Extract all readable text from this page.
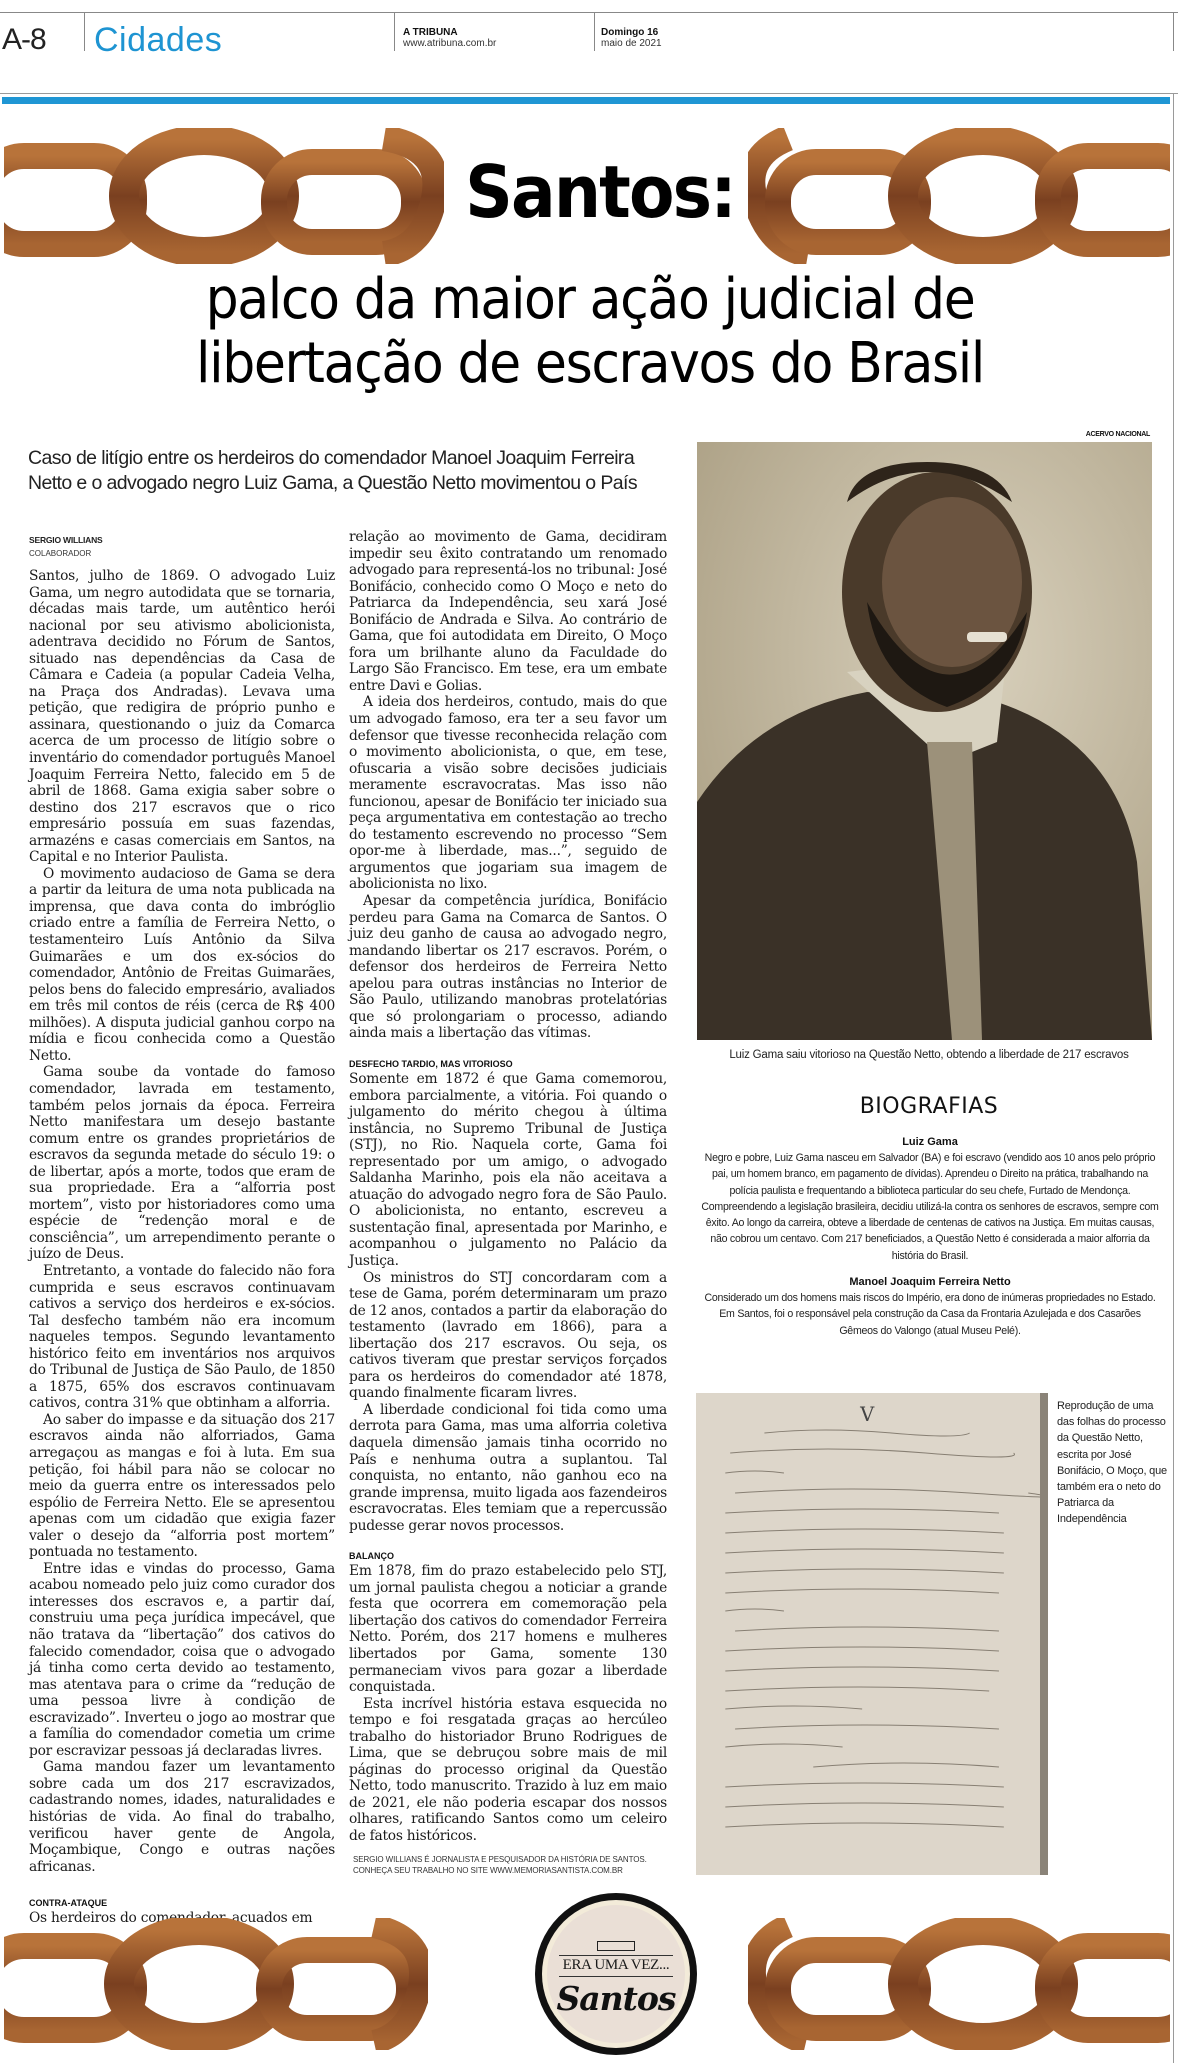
A-8 Cidades	A TRIBUNA
www.atribuna.com.br
Domingo 16
maio de 2021
Santos:
palco da maior ação judicial de
libertação de escravos do Brasil
Caso de litígio entre os herdeiros do comendador Manoel Joaquim Ferreira Netto e o advogado negro Luiz Gama, a Questão Netto movimentou o País
SERGIO WILLIANS
COLABORADOR

Santos, julho de 1869. O advogado Luiz Gama, um negro autodidata que se tornaria, décadas mais tarde, um autêntico herói nacional por seu ativismo abolicionista, adentrava decidido no Fórum de Santos, situado nas dependências da Casa de Câmara e Cadeia (a popular Cadeia Velha, na Praça dos Andradas). Levava uma petição, que redigira de próprio punho e assinara, questionando o juiz da Comarca acerca de um processo de litígio sobre o inventário do comendador português Manoel Joaquim Ferreira Netto, falecido em 5 de abril de 1868. Gama exigia saber sobre o destino dos 217 escravos que o rico empresário possuía em suas fazendas, armazéns e casas comerciais em Santos, na Capital e no Interior Paulista.

O movimento audacioso de Gama se dera a partir da leitura de uma nota publicada na imprensa, que dava conta do imbróglio criado entre a família de Ferreira Netto, o testamenteiro Luís Antônio da Silva Guimarães e um dos ex-sócios do comendador, Antônio de Freitas Guimarães, pelos bens do falecido empresário, avaliados em três mil contos de réis (cerca de R$ 400 milhões). A disputa judicial ganhou corpo na mídia e ficou conhecida como a Questão Netto.

Gama soube da vontade do famoso comendador, lavrada em testamento, também pelos jornais da época. Ferreira Netto manifestara um desejo bastante comum entre os grandes proprietários de escravos da segunda metade do século 19: o de libertar, após a morte, todos que eram de sua propriedade. Era a “alforria post mortem”, visto por historiadores como uma espécie de “redenção moral e de consciência”, um arrependimento perante o juízo de Deus.

Entretanto, a vontade do falecido não fora cumprida e seus escravos continuavam cativos a serviço dos herdeiros e ex-sócios. Tal desfecho também não era incomum naqueles tempos. Segundo levantamento histórico feito em inventários nos arquivos do Tribunal de Justiça de São Paulo, de 1850 a 1875, 65% dos escravos continuavam cativos, contra 31% que obtinham a alforria.

Ao saber do impasse e da situação dos 217 escravos ainda não alforriados, Gama arregaçou as mangas e foi à luta. Em sua petição, foi hábil para não se colocar no meio da guerra entre os interessados pelo espólio de Ferreira Netto. Ele se apresentou apenas com um cidadão que exigia fazer valer o desejo da “alforria post mortem” pontuada no testamento.

Entre idas e vindas do processo, Gama acabou nomeado pelo juiz como curador dos interesses dos escravos e, a partir daí, construiu uma peça jurídica impecável, que não tratava da “libertação” dos cativos do falecido comendador, coisa que o advogado já tinha como certa devido ao testamento, mas atentava para o crime da “redução de uma pessoa livre à condição de escravizado”. Inverteu o jogo ao mostrar que a família do comendador cometia um crime por escravizar pessoas já declaradas livres.

Gama mandou fazer um levantamento sobre cada um dos 217 escravizados, cadastrando nomes, idades, naturalidades e histórias de vida. Ao final do trabalho, verificou haver gente de Angola, Moçambique, Congo e outras nações africanas.

CONTRA-ATAQUE

Os herdeiros do comendador, acuados em

relação ao movimento de Gama, decidiram impedir seu êxito contratando um renomado advogado para representá-los no tribunal: José Bonifácio, conhecido como O Moço e neto do Patriarca da Independência, seu xará José Bonifácio de Andrada e Silva. Ao contrário de Gama, que foi autodidata em Direito, O Moço fora um brilhante aluno da Faculdade do Largo São Francisco. Em tese, era um embate entre Davi e Golias.

A ideia dos herdeiros, contudo, mais do que um advogado famoso, era ter a seu favor um defensor que tivesse reconhecida relação com o movimento abolicionista, o que, em tese, ofuscaria a visão sobre decisões judiciais meramente escravocratas. Mas isso não funcionou, apesar de Bonifácio ter iniciado sua peça argumentativa em contestação ao trecho do testamento escrevendo no processo “Sem opor-me à liberdade, mas...”, seguido de argumentos que jogariam sua imagem de abolicionista no lixo.

Apesar da competência jurídica, Bonifácio perdeu para Gama na Comarca de Santos. O juiz deu ganho de causa ao advogado negro, mandando libertar os 217 escravos. Porém, o defensor dos herdeiros de Ferreira Netto apelou para outras instâncias no Interior de São Paulo, utilizando manobras protelatórias que só prolongariam o processo, adiando ainda mais a libertação das vítimas.

DESFECHO TARDIO, MAS VITORIOSO

Somente em 1872 é que Gama comemorou, embora parcialmente, a vitória. Foi quando o julgamento do mérito chegou à última instância, no Supremo Tribunal de Justiça (STJ), no Rio. Naquela corte, Gama foi representado por um amigo, o advogado Saldanha Marinho, pois ela não aceitava a atuação do advogado negro fora de São Paulo. O abolicionista, no entanto, escreveu a sustentação final, apresentada por Marinho, e acompanhou o julgamento no Palácio da Justiça.

Os ministros do STJ concordaram com a tese de Gama, porém determinaram um prazo de 12 anos, contados a partir da elaboração do testamento (lavrado em 1866), para a libertação dos 217 escravos. Ou seja, os cativos tiveram que prestar serviços forçados para os herdeiros do comendador até 1878, quando finalmente ficaram livres.

A liberdade condicional foi tida como uma derrota para Gama, mas uma alforria coletiva daquela dimensão jamais tinha ocorrido no País e nenhuma outra a suplantou. Tal conquista, no entanto, não ganhou eco na grande imprensa, muito ligada aos fazendeiros escravocratas. Eles temiam que a repercussão pudesse gerar novos processos.

BALANÇO

Em 1878, fim do prazo estabelecido pelo STJ, um jornal paulista chegou a noticiar a grande festa que ocorrera em comemoração pela libertação dos cativos do comendador Ferreira Netto. Porém, dos 217 homens e mulheres libertados por Gama, somente 130 permaneciam vivos para gozar a liberdade conquistada.

Esta incrível história estava esquecida no tempo e foi resgatada graças ao hercúleo trabalho do historiador Bruno Rodrigues de Lima, que se debruçou sobre mais de mil páginas do processo original da Questão Netto, todo manuscrito. Trazido à luz em maio de 2021, ele não poderia escapar dos nossos olhares, ratificando Santos como um celeiro de fatos históricos.

SERGIO WILLIANS É JORNALISTA E PESQUISADOR DA HISTÓRIA DE SANTOS.
CONHEÇA SEU TRABALHO NO SITE WWW.MEMORIASANTISTA.COM.BR
ACERVO NACIONAL
Luiz Gama saiu vitorioso na Questão Netto, obtendo a liberdade de 217 escravos
BIOGRAFIAS
Luiz Gama

Negro e pobre, Luiz Gama nasceu em Salvador (BA) e foi escravo (vendido aos 10 anos pelo próprio pai, um homem branco, em pagamento de dívidas). Aprendeu o Direito na prática, trabalhando na polícia paulista e frequentando a biblioteca particular do seu chefe, Furtado de Mendonça. Compreendendo a legislação brasileira, decidiu utilizá-la contra os senhores de escravos, sempre com êxito. Ao longo da carreira, obteve a liberdade de centenas de cativos na Justiça. Em muitas causas, não cobrou um centavo. Com 217 beneficiados, a Questão Netto é considerada a maior alforria da história do Brasil.

Manoel Joaquim Ferreira Netto

Considerado um dos homens mais riscos do Império, era dono de inúmeras propriedades no Estado. Em Santos, foi o responsável pela construção da Casa da Frontaria Azulejada e dos Casarões Gêmeos do Valongo (atual Museu Pelé).

V	Reprodução de uma das folhas do processo da Questão Netto, escrita por José Bonifácio, O Moço, que também era o neto do Patriarca da Independência
ERA UMA VEZ...
Santos
